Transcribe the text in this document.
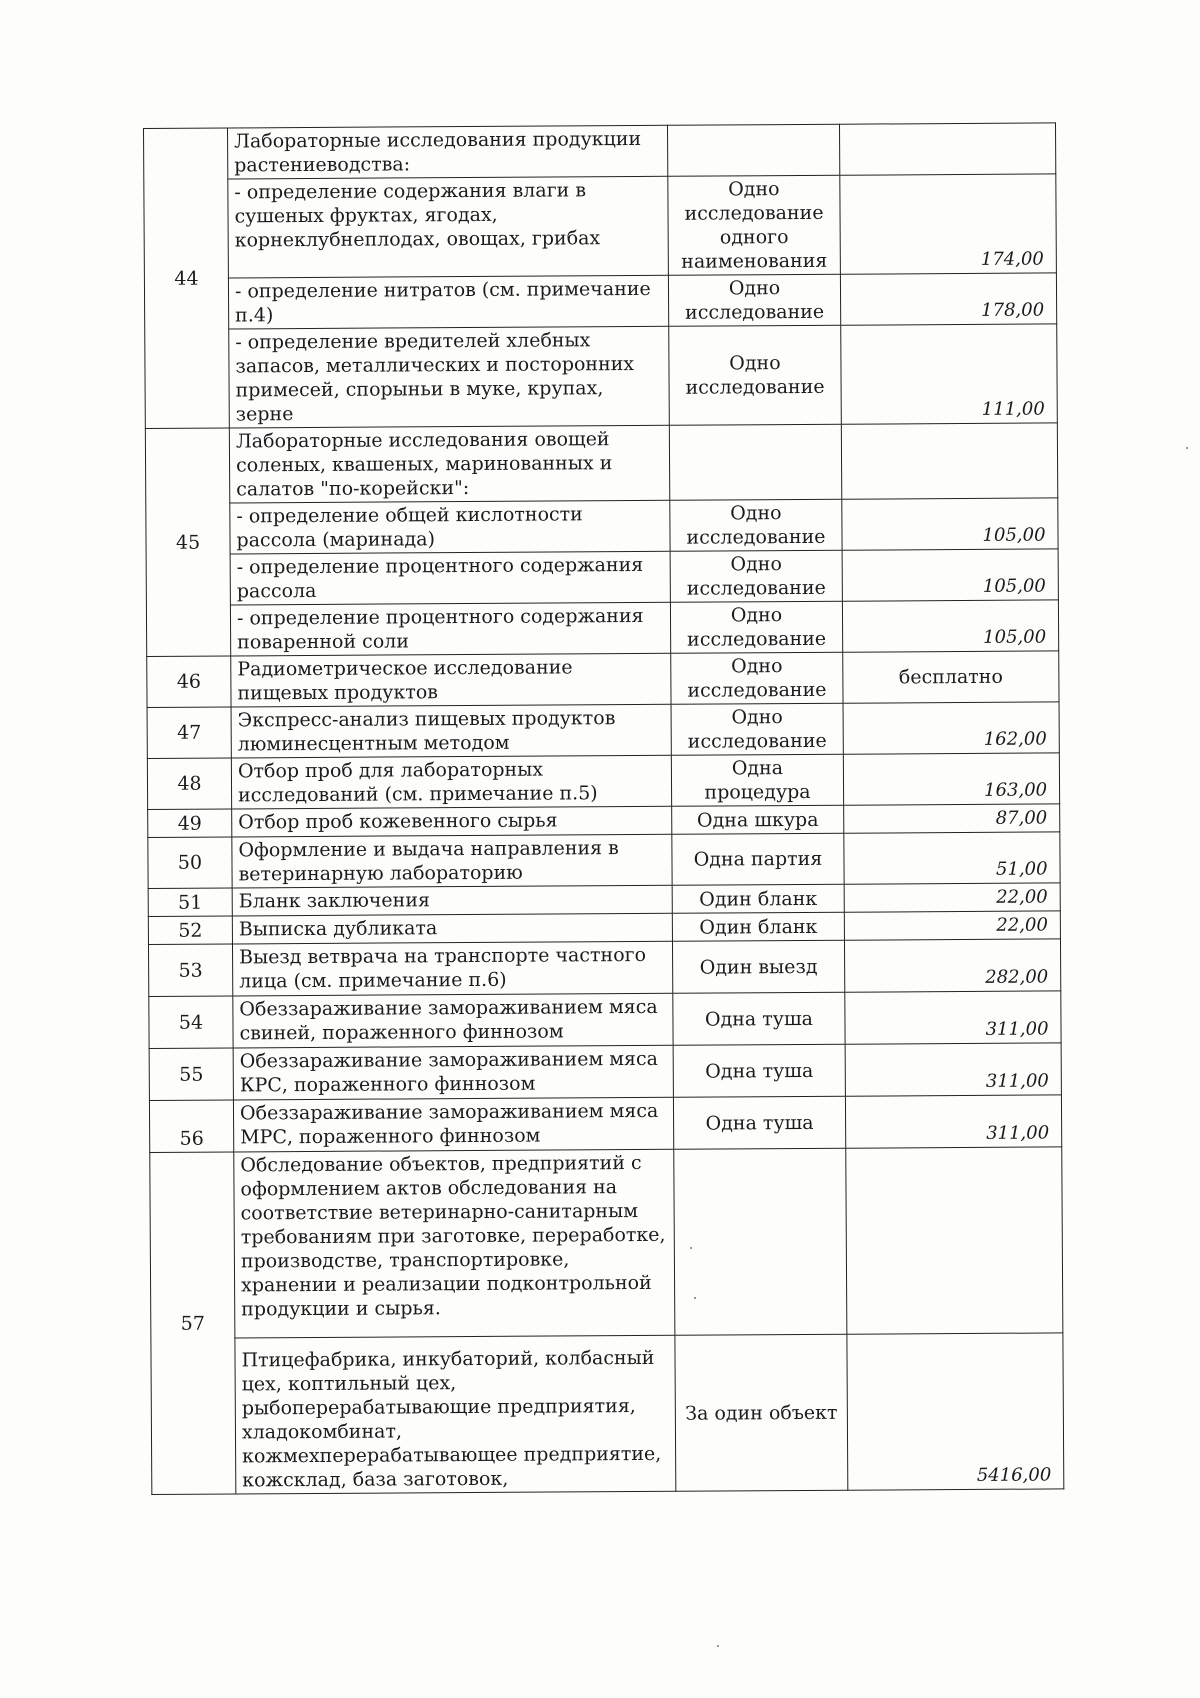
44	Лабораторные исследования продукции растениеводства:		
	- определение содержания влаги в сушеных фруктах, ягодах, корнеклубнеплодах, овощах, грибах	Одно исследование одного наименования	174,00
	- определение нитратов (см. примечание п.4)	Одно исследование	178,00
	- определение вредителей хлебных запасов, металлических и посторонних примесей, спорыньи в муке, крупах, зерне	Одно исследование	111,00
45	Лабораторные исследования овощей соленых, квашеных, маринованных и салатов "по-корейски":		
	- определение общей кислотности рассола (маринада)	Одно исследование	105,00
	- определение процентного содержания рассола	Одно исследование	105,00
	- определение процентного содержания поваренной соли	Одно исследование	105,00
46	Радиометрическое исследование пищевых продуктов	Одно исследование	бесплатно
47	Экспресс-анализ пищевых продуктов люминесцентным методом	Одно исследование	162,00
48	Отбор проб для лабораторных исследований (см. примечание п.5)	Одна процедура	163,00
49	Отбор проб кожевенного сырья	Одна шкура	87,00
50	Оформление и выдача направления в ветеринарную лабораторию	Одна партия	51,00
51	Бланк заключения	Один бланк	22,00
52	Выписка дубликата	Один бланк	22,00
53	Выезд ветврача на транспорте частного лица (см. примечание п.6)	Один выезд	282,00
54	Обеззараживание замораживанием мяса свиней, пораженного финнозом	Одна туша	311,00
55	Обеззараживание замораживанием мяса КРС, пораженного финнозом	Одна туша	311,00
56	Обеззараживание замораживанием мяса МРС, пораженного финнозом	Одна туша	311,00
57	Обследование объектов, предприятий с оформлением актов обследования на соответствие ветеринарно-санитарным требованиям при заготовке, переработке, производстве, транспортировке, хранении и реализации подконтрольной продукции и сырья.		
	Птицефабрика, инкубаторий, колбасный цех, коптильный цех, рыбоперерабатывающие предприятия, хладокомбинат, кожмехперерабатывающее предприятие, кожсклад, база заготовок,	За один объект	5416,00
